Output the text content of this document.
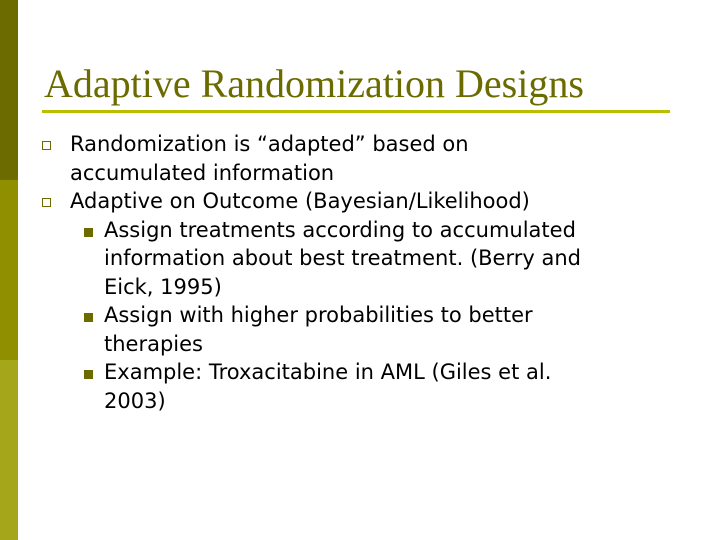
Adaptive Randomization Designs
Randomization is “adapted” based on
accumulated information
Adaptive on Outcome (Bayesian/Likelihood)
Assign treatments according to accumulated
information about best treatment. (Berry and
Eick, 1995)
Assign with higher probabilities to better
therapies
Example: Troxacitabine in AML (Giles et al.
2003)
